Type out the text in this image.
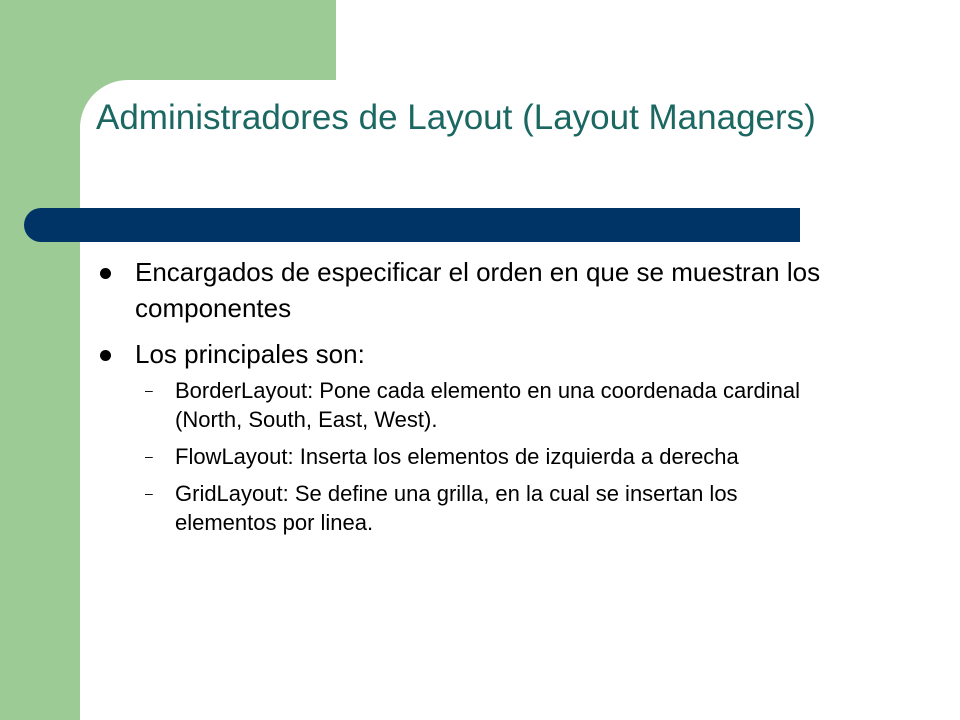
Administradores de Layout (Layout Managers)
Encargados de especificar el orden en que se muestran los componentes
Los principales son:
– BorderLayout: Pone cada elemento en una coordenada cardinal (North, South, East, West).
– FlowLayout: Inserta los elementos de izquierda a derecha
– GridLayout: Se define una grilla, en la cual se insertan los elementos por linea.
